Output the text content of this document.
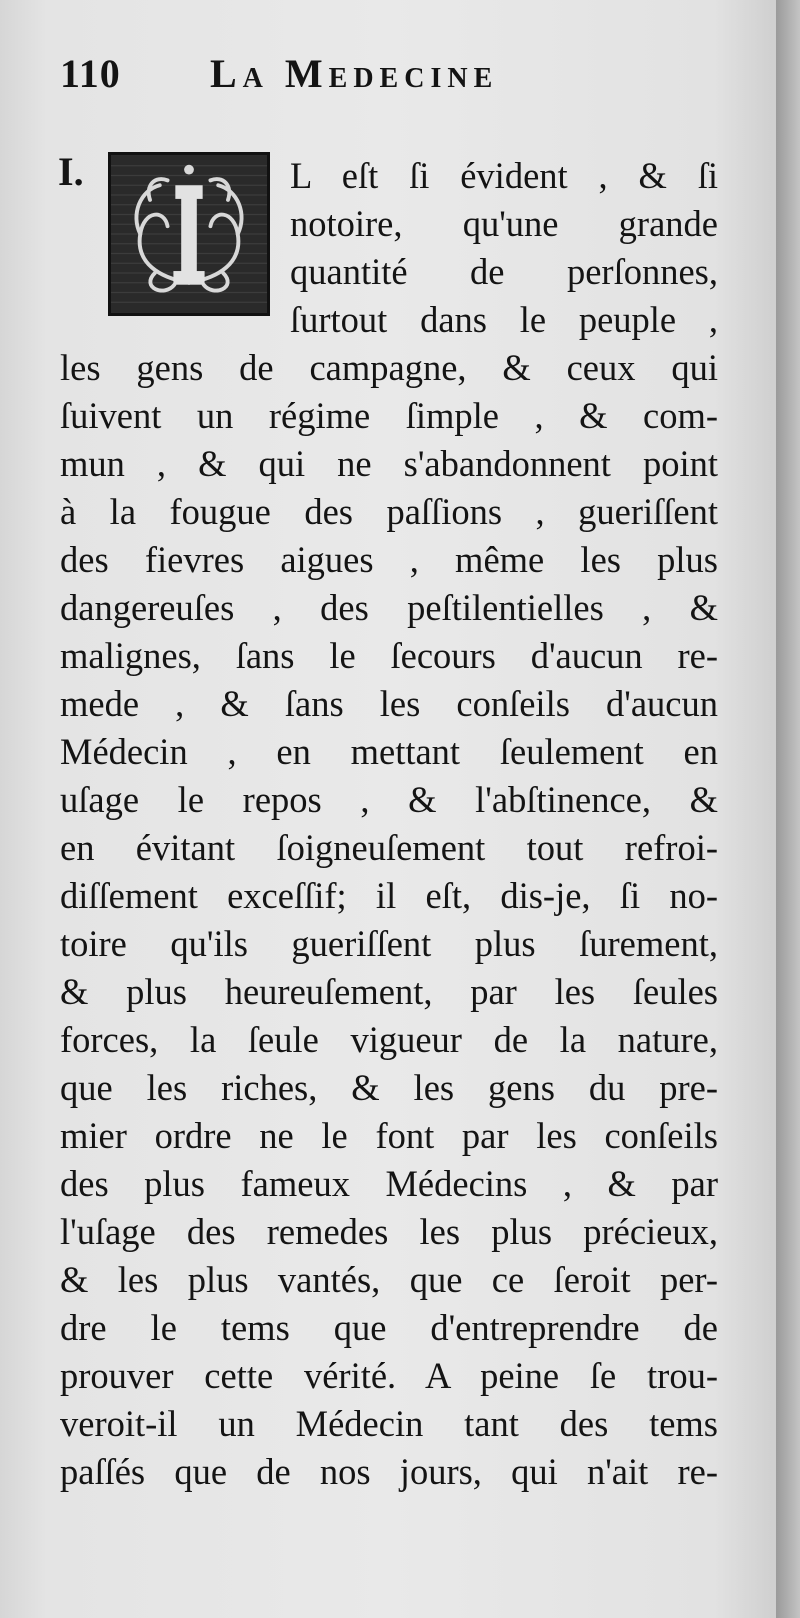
110 La Medecine
I.	L eſt ſi évident , & ſi
notoire, qu'une grande
quantité de perſonnes,
ſurtout dans le peuple ,
les gens de campagne, & ceux qui
ſuivent un régime ſimple , & com-
mun , & qui ne s'abandonnent point
à la fougue des paſſions , gueriſſent
des fievres aigues , même les plus
dangereuſes , des peſtilentielles , &
malignes, ſans le ſecours d'aucun re-
mede , & ſans les conſeils d'aucun
Médecin , en mettant ſeulement en
uſage le repos , & l'abſtinence, &
en évitant ſoigneuſement tout refroi-
diſſement exceſſif; il eſt, dis-je, ſi no-
toire qu'ils gueriſſent plus ſurement,
& plus heureuſement, par les ſeules
forces, la ſeule vigueur de la nature,
que les riches, & les gens du pre-
mier ordre ne le font par les conſeils
des plus fameux Médecins , & par
l'uſage des remedes les plus précieux,
& les plus vantés, que ce ſeroit per-
dre le tems que d'entreprendre de
prouver cette vérité. A peine ſe trou-
veroit-il un Médecin tant des tems
paſſés que de nos jours, qui n'ait re-
